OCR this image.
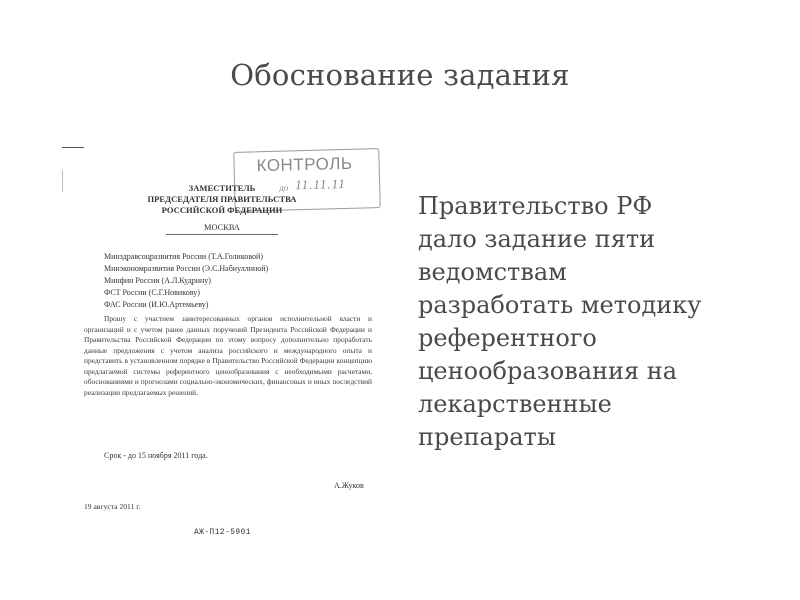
Обоснование задания
КОНТРОЛЬ
до 11.11.11
ЗАМЕСТИТЕЛЬ
ПРЕДСЕДАТЕЛЯ ПРАВИТЕЛЬСТВА
РОССИЙСКОЙ ФЕДЕРАЦИИ
МОСКВА
Минздравсоцразвития России (Т.А.Голиковой)
Минэкономразвития России (Э.С.Набиуллиной)
Минфин России (А.Л.Кудрину)
ФСТ России (С.Г.Новикову)
ФАС России (И.Ю.Артемьеву)
Прошу с участием заинтересованных органов исполнительной власти и организаций и с учетом ранее данных поручений Президента Российской Федерации и Правительства Российской Федерации по этому вопросу дополнительно проработать данные предложения с учетом анализа российского и международного опыта и представить в установленном порядке в Правительство Российской Федерации концепцию предлагаемой системы референтного ценообразования с необходимыми расчетами, обоснованиями и прогнозами социально-экономических, финансовых и иных последствий реализации предлагаемых решений.
Срок - до 15 ноября 2011 года.
А.Жуков
19 августа 2011 г.
АЖ-П12-5901
Правительство РФ
дало задание пяти
ведомствам
разработать методику
референтного
ценообразования на
лекарственные
препараты
